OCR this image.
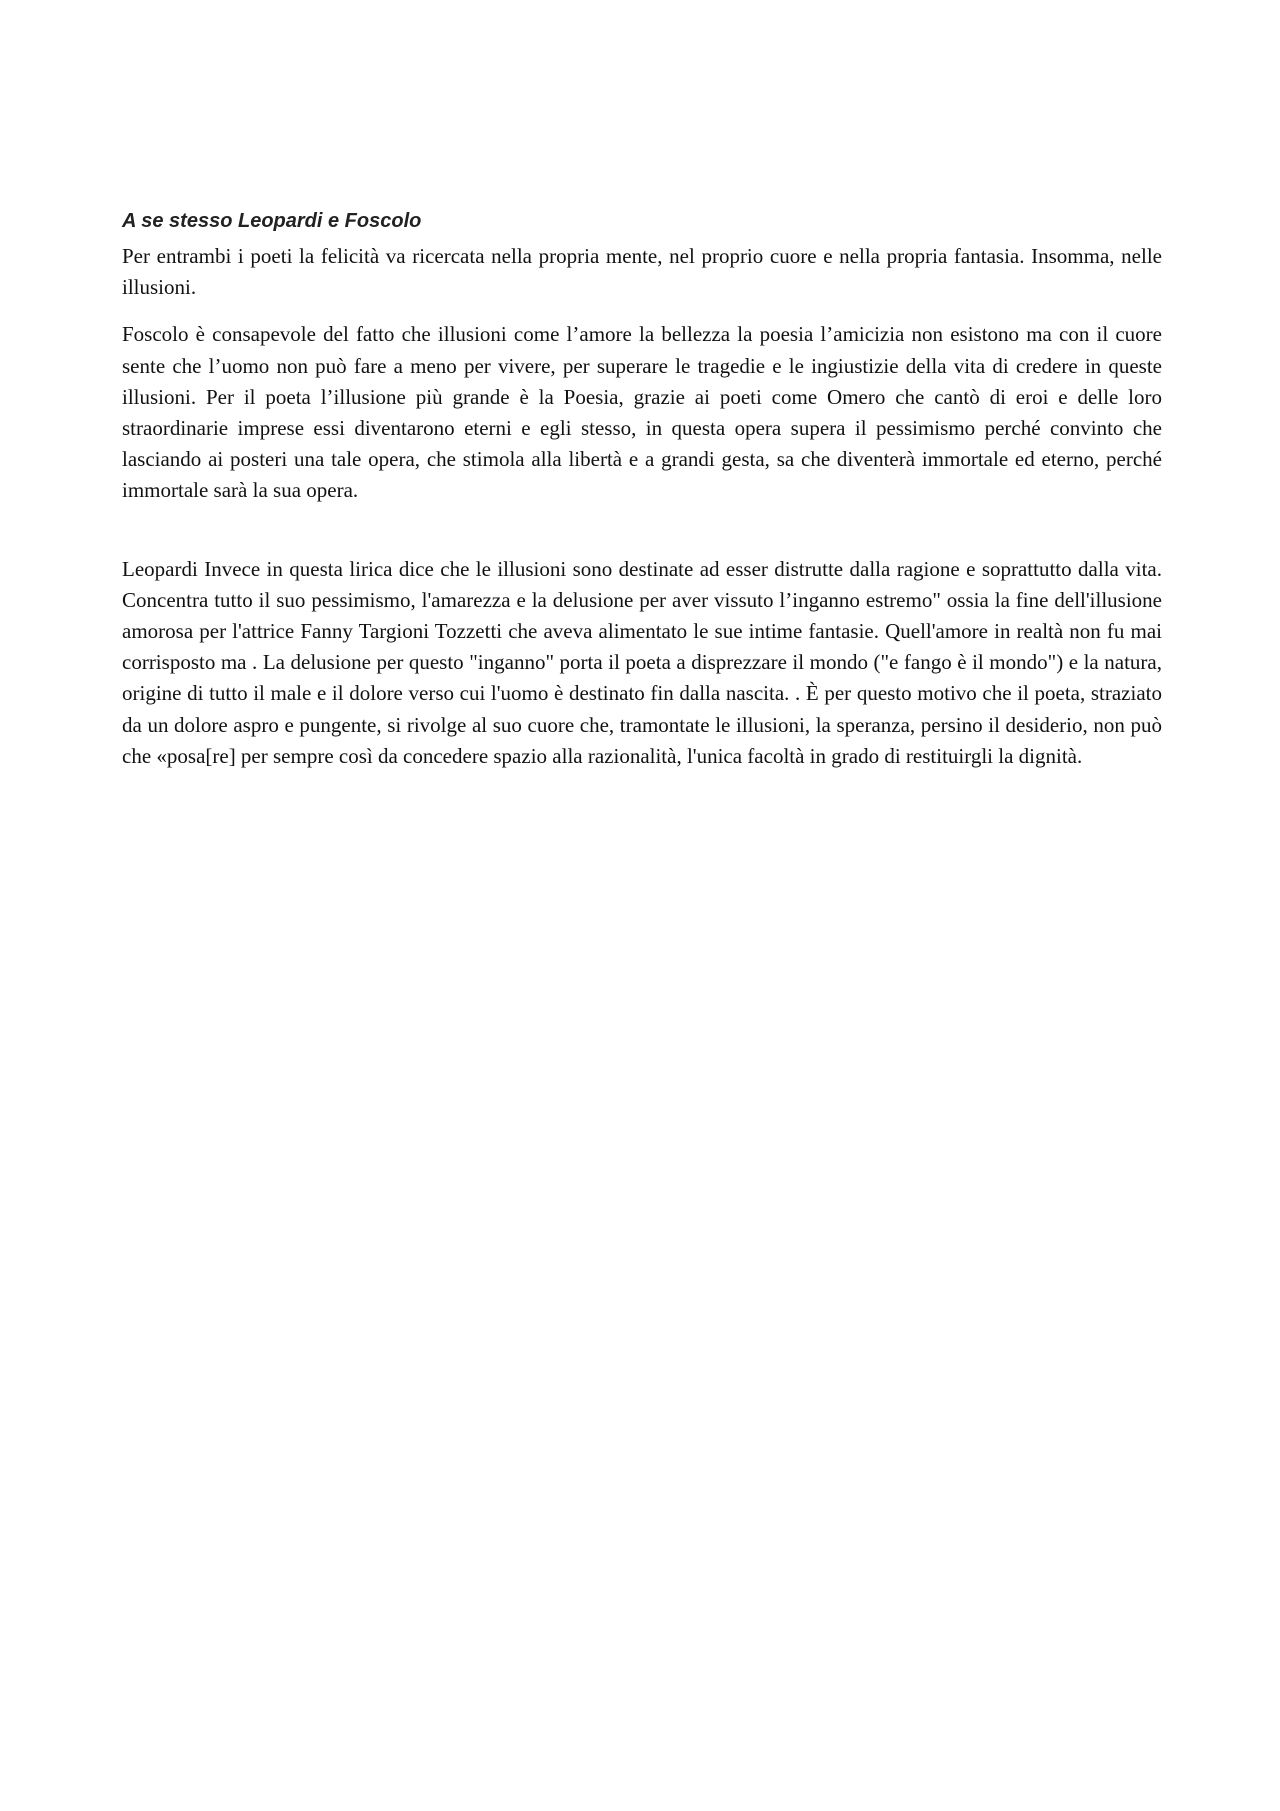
A se stesso Leopardi e Foscolo

Per entrambi i poeti la felicità va ricercata nella propria mente, nel proprio cuore e nella propria fantasia. Insomma, nelle illusioni.

Foscolo è consapevole del fatto che illusioni come l’amore la bellezza la poesia l’amicizia non esistono ma con il cuore sente che l’uomo non può fare a meno per vivere, per superare le tragedie e le ingiustizie della vita di credere in queste illusioni. Per il poeta l’illusione più grande è la Poesia, grazie ai poeti come Omero che cantò di eroi e delle loro straordinarie imprese essi diventarono eterni e egli stesso, in questa opera supera il pessimismo perché convinto che lasciando ai posteri una tale opera, che stimola alla libertà e a grandi gesta, sa che diventerà immortale ed eterno, perché immortale sarà la sua opera.

Leopardi Invece in questa lirica dice che le illusioni sono destinate ad esser distrutte dalla ragione e soprattutto dalla vita. Concentra tutto il suo pessimismo, l'amarezza e la delusione per aver vissuto l’inganno estremo" ossia la fine dell'illusione amorosa per l'attrice Fanny Targioni Tozzetti che aveva alimentato le sue intime fantasie. Quell'amore in realtà non fu mai corrisposto ma . La delusione per questo "inganno" porta il poeta a disprezzare il mondo ("e fango è il mondo") e la natura, origine di tutto il male e il dolore verso cui l'uomo è destinato fin dalla nascita. . È per questo motivo che il poeta, straziato da un dolore aspro e pungente, si rivolge al suo cuore che, tramontate le illusioni, la speranza, persino il desiderio, non può che «posa[re] per sempre così da concedere spazio alla razionalità, l'unica facoltà in grado di restituirgli la dignità.
